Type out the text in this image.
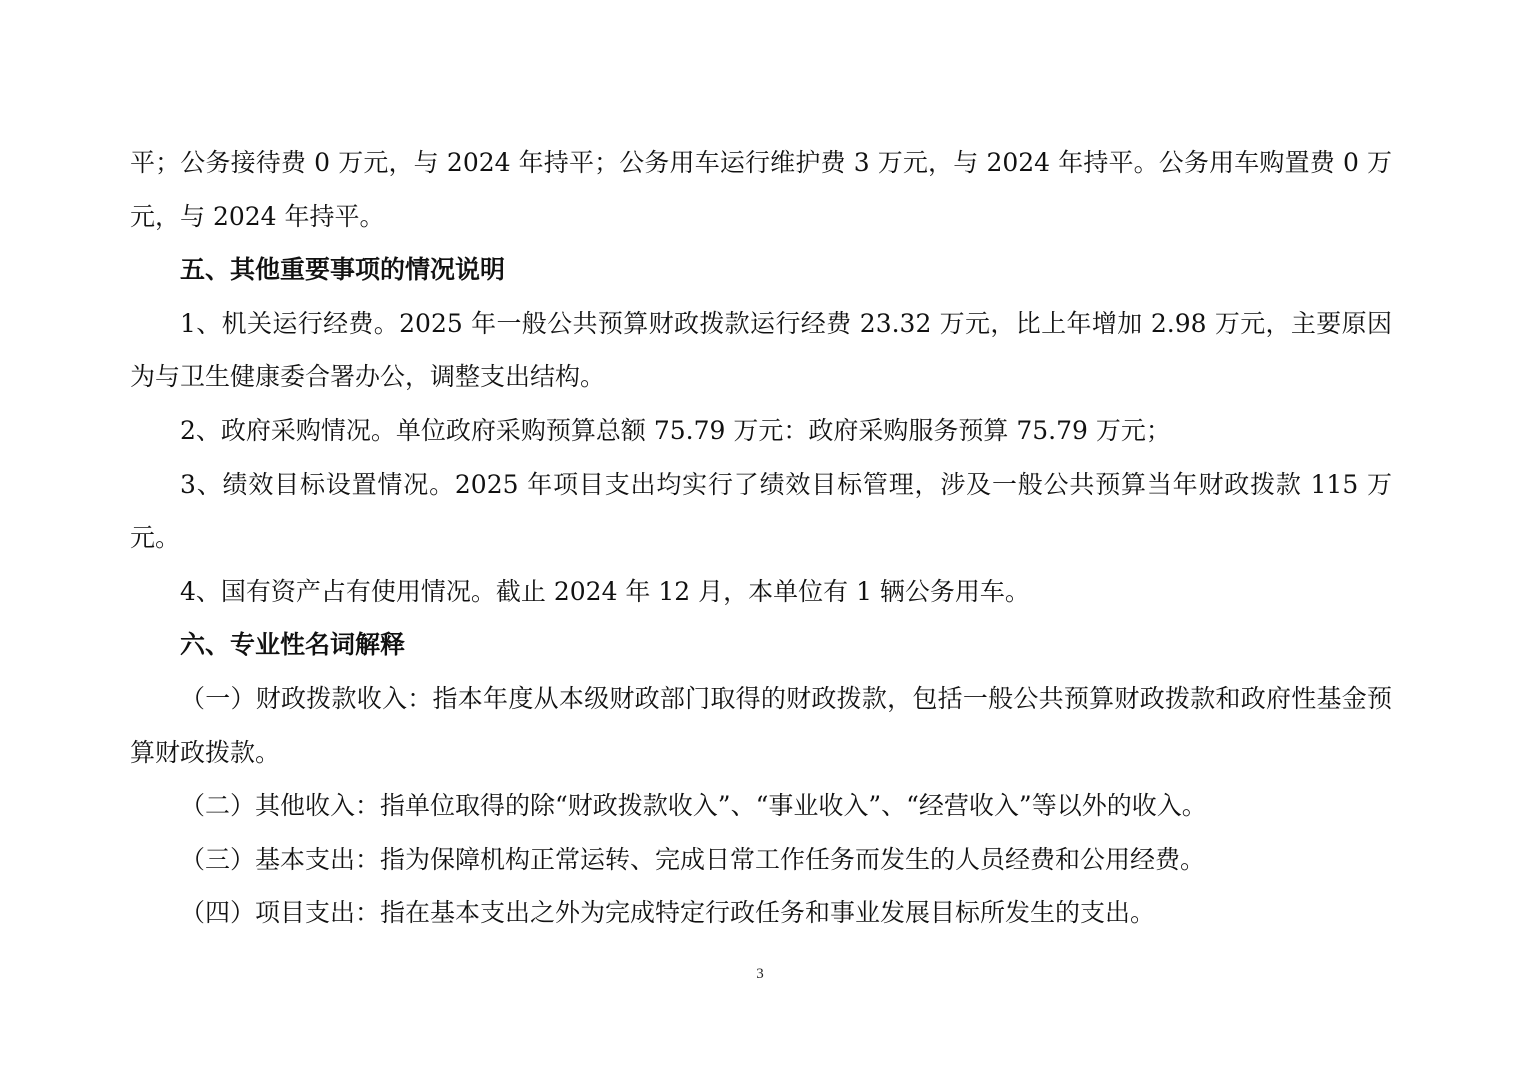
平；公务接待费 0 万元，与 2024 年持平；公务用车运行维护费 3 万元，与 2024 年持平。公务用车购置费 0 万元，与 2024 年持平。

五、其他重要事项的情况说明

1、机关运行经费。2025 年一般公共预算财政拨款运行经费 23.32 万元，比上年增加 2.98 万元，主要原因为与卫生健康委合署办公，调整支出结构。

2、政府采购情况。单位政府采购预算总额 75.79 万元：政府采购服务预算 75.79 万元；

3、绩效目标设置情况。2025 年项目支出均实行了绩效目标管理，涉及一般公共预算当年财政拨款 115 万元。

4、国有资产占有使用情况。截止 2024 年 12 月，本单位有 1 辆公务用车。

六、专业性名词解释

（一）财政拨款收入：指本年度从本级财政部门取得的财政拨款，包括一般公共预算财政拨款和政府性基金预算财政拨款。

（二）其他收入：指单位取得的除“财政拨款收入”、“事业收入”、“经营收入”等以外的收入。

（三）基本支出：指为保障机构正常运转、完成日常工作任务而发生的人员经费和公用经费。

（四）项目支出：指在基本支出之外为完成特定行政任务和事业发展目标所发生的支出。

3
